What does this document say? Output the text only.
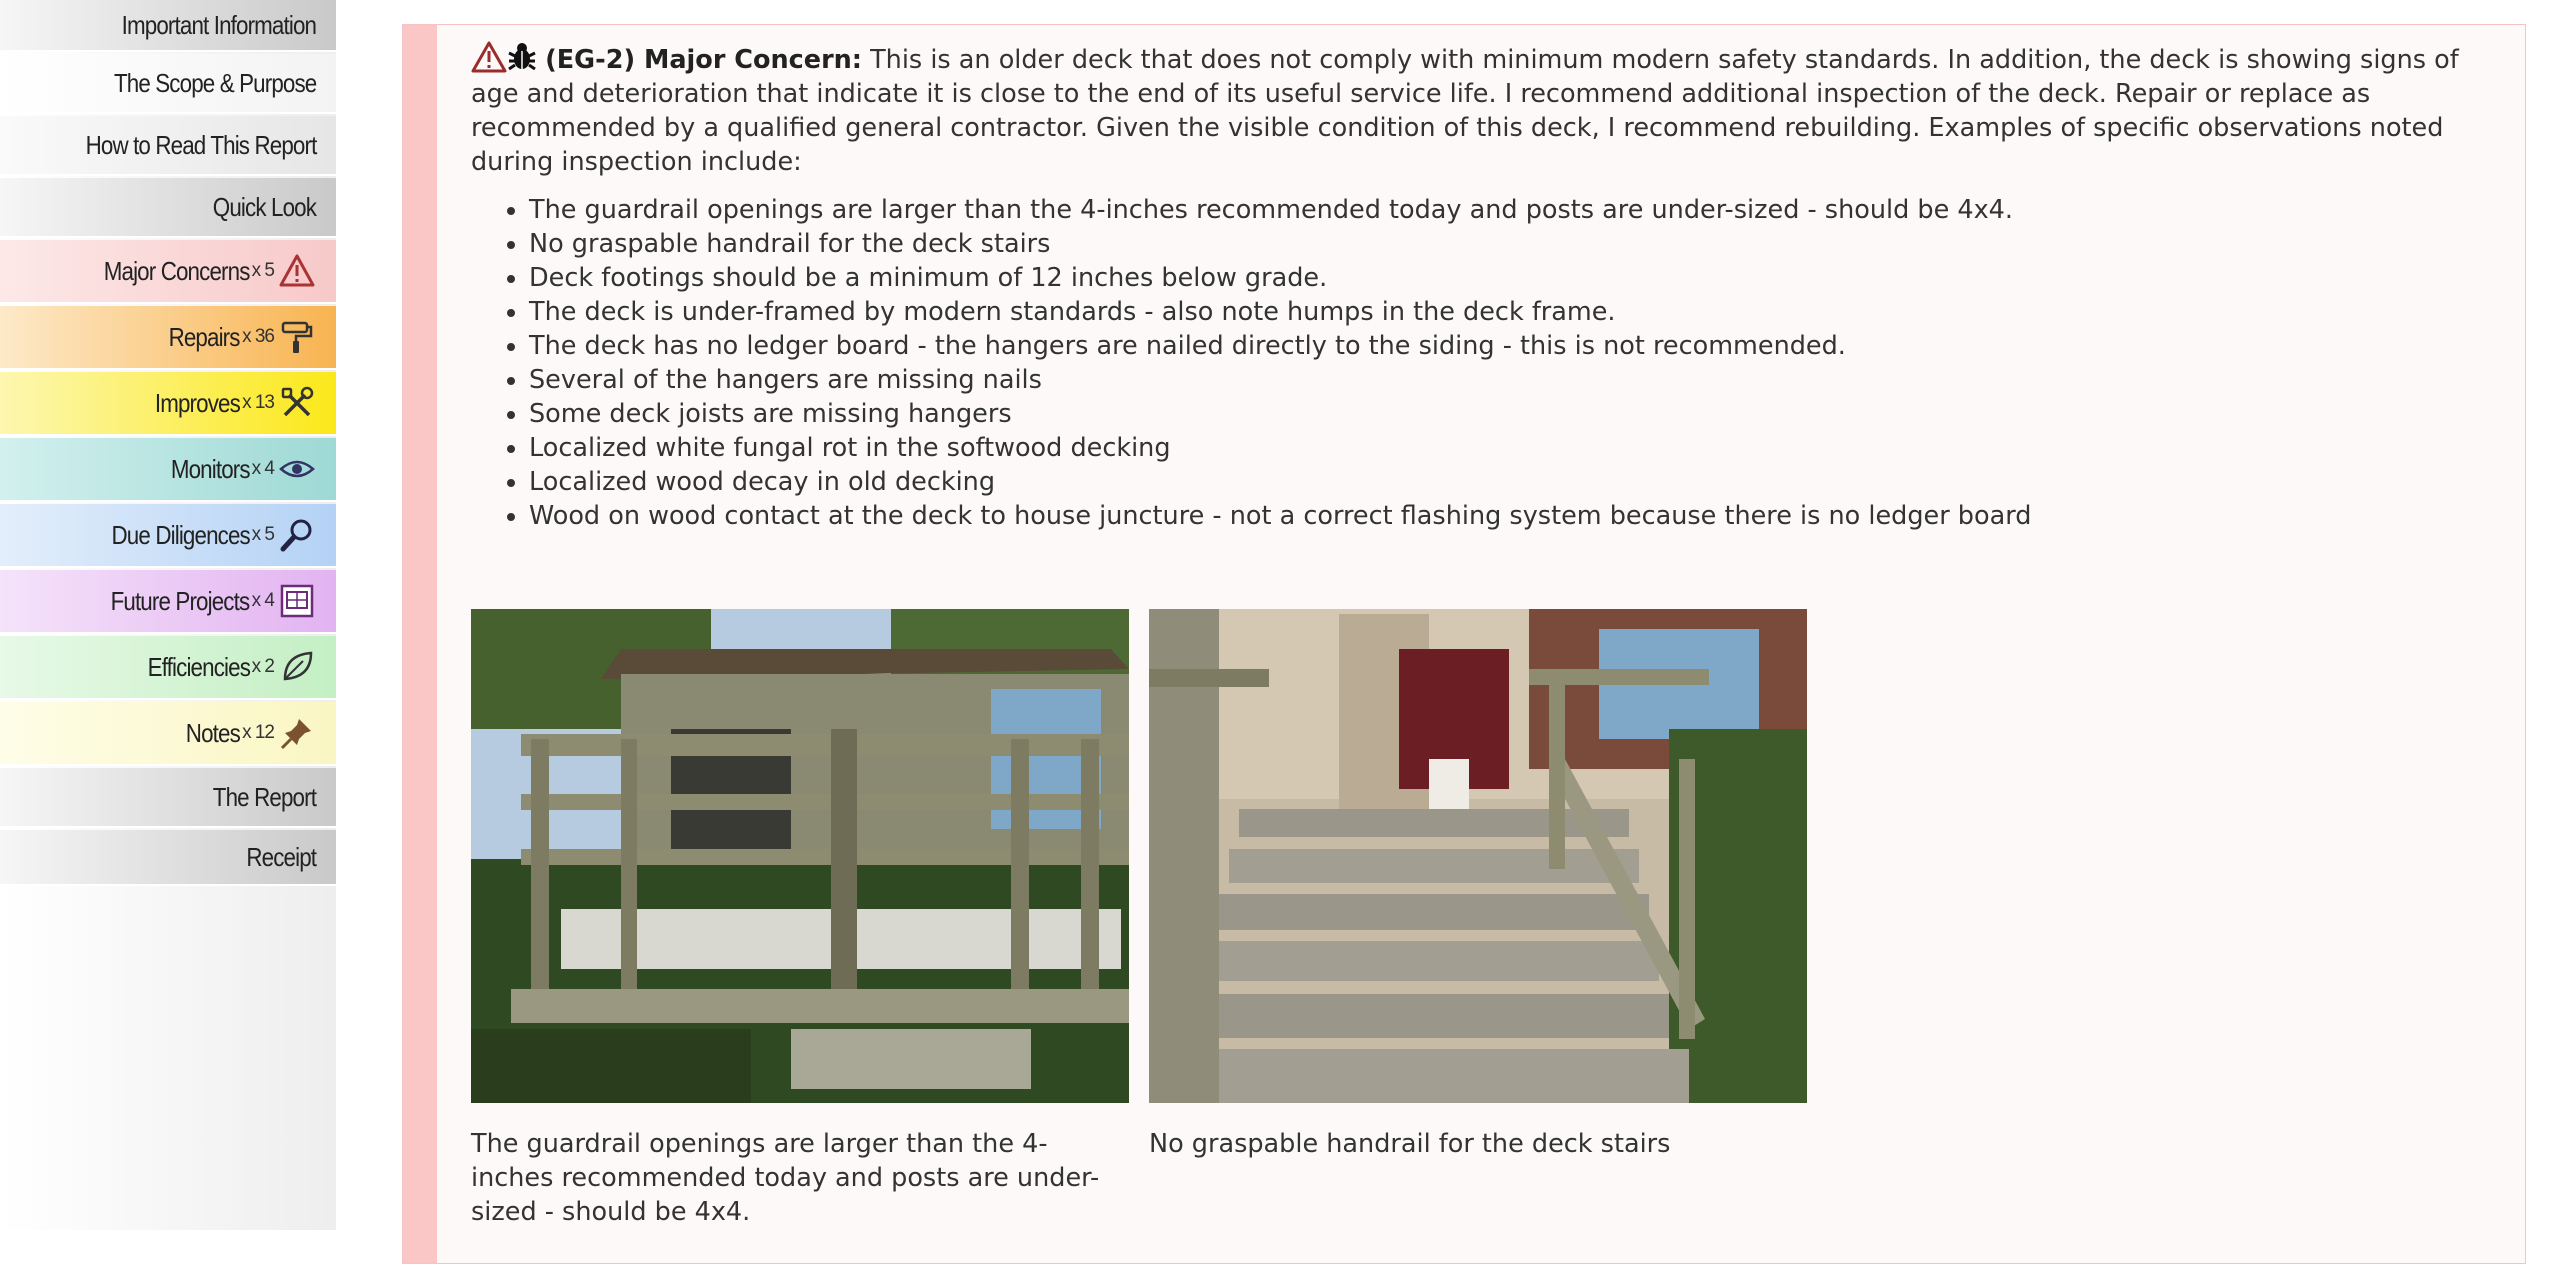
Important Information
The Scope & Purpose
How to Read This Report
Quick Look
Major Concerns x 5
Repairs x 36
Improves x 13
Monitors x 4
Due Diligences x 5
Future Projects x 4
Efficiencies x 2
Notes x 12
The Report
Receipt

(EG-2) Major Concern: This is an older deck that does not comply with minimum modern safety standards. In addition, the deck is showing signs of age and deterioration that indicate it is close to the end of its useful service life. I recommend additional inspection of the deck. Repair or replace as recommended by a qualified general contractor. Given the visible condition of this deck, I recommend rebuilding. Examples of specific observations noted during inspection include:

• The guardrail openings are larger than the 4-inches recommended today and posts are under-sized - should be 4x4.
• No graspable handrail for the deck stairs
• Deck footings should be a minimum of 12 inches below grade.
• The deck is under-framed by modern standards - also note humps in the deck frame.
• The deck has no ledger board - the hangers are nailed directly to the siding - this is not recommended.
• Several of the hangers are missing nails
• Some deck joists are missing hangers
• Localized white fungal rot in the softwood decking
• Localized wood decay in old decking
• Wood on wood contact at the deck to house juncture - not a correct flashing system because there is no ledger board
The guardrail openings are larger than the 4-inches recommended today and posts are under-sized - should be 4x4.
No graspable handrail for the deck stairs
